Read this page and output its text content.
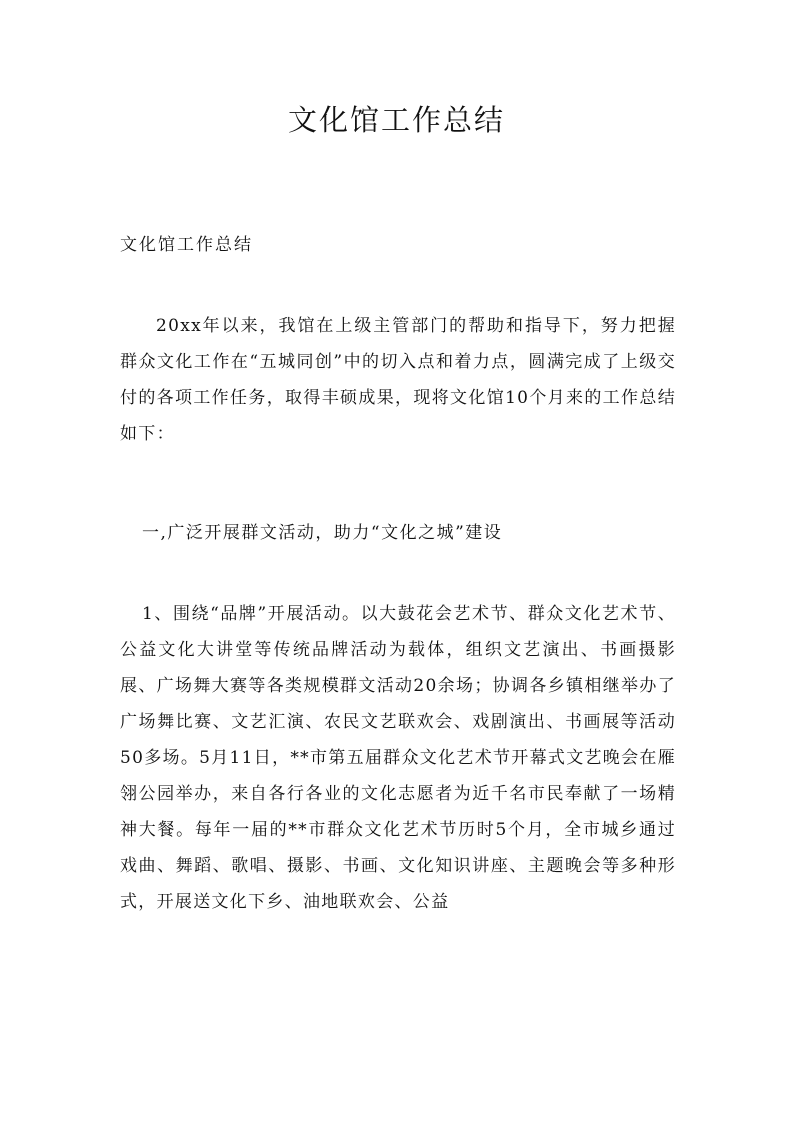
文化馆工作总结

文化馆工作总结

20xx年以来，我馆在上级主管部门的帮助和指导下，努力把握群众文化工作在“五城同创”中的切入点和着力点，圆满完成了上级交付的各项工作任务，取得丰硕成果，现将文化馆10个月来的工作总结如下：

一,广泛开展群文活动，助力“文化之城”建设

1、围绕“品牌”开展活动。以大鼓花会艺术节、群众文化艺术节、公益文化大讲堂等传统品牌活动为载体，组织文艺演出、书画摄影展、广场舞大赛等各类规模群文活动20余场；协调各乡镇相继举办了广场舞比赛、文艺汇演、农民文艺联欢会、戏剧演出、书画展等活动50多场。5月11日，**市第五届群众文化艺术节开幕式文艺晚会在雁翎公园举办，来自各行各业的文化志愿者为近千名市民奉献了一场精神大餐。每年一届的**市群众文化艺术节历时5个月，全市城乡通过戏曲、舞蹈、歌唱、摄影、书画、文化知识讲座、主题晚会等多种形式，开展送文化下乡、油地联欢会、公益
